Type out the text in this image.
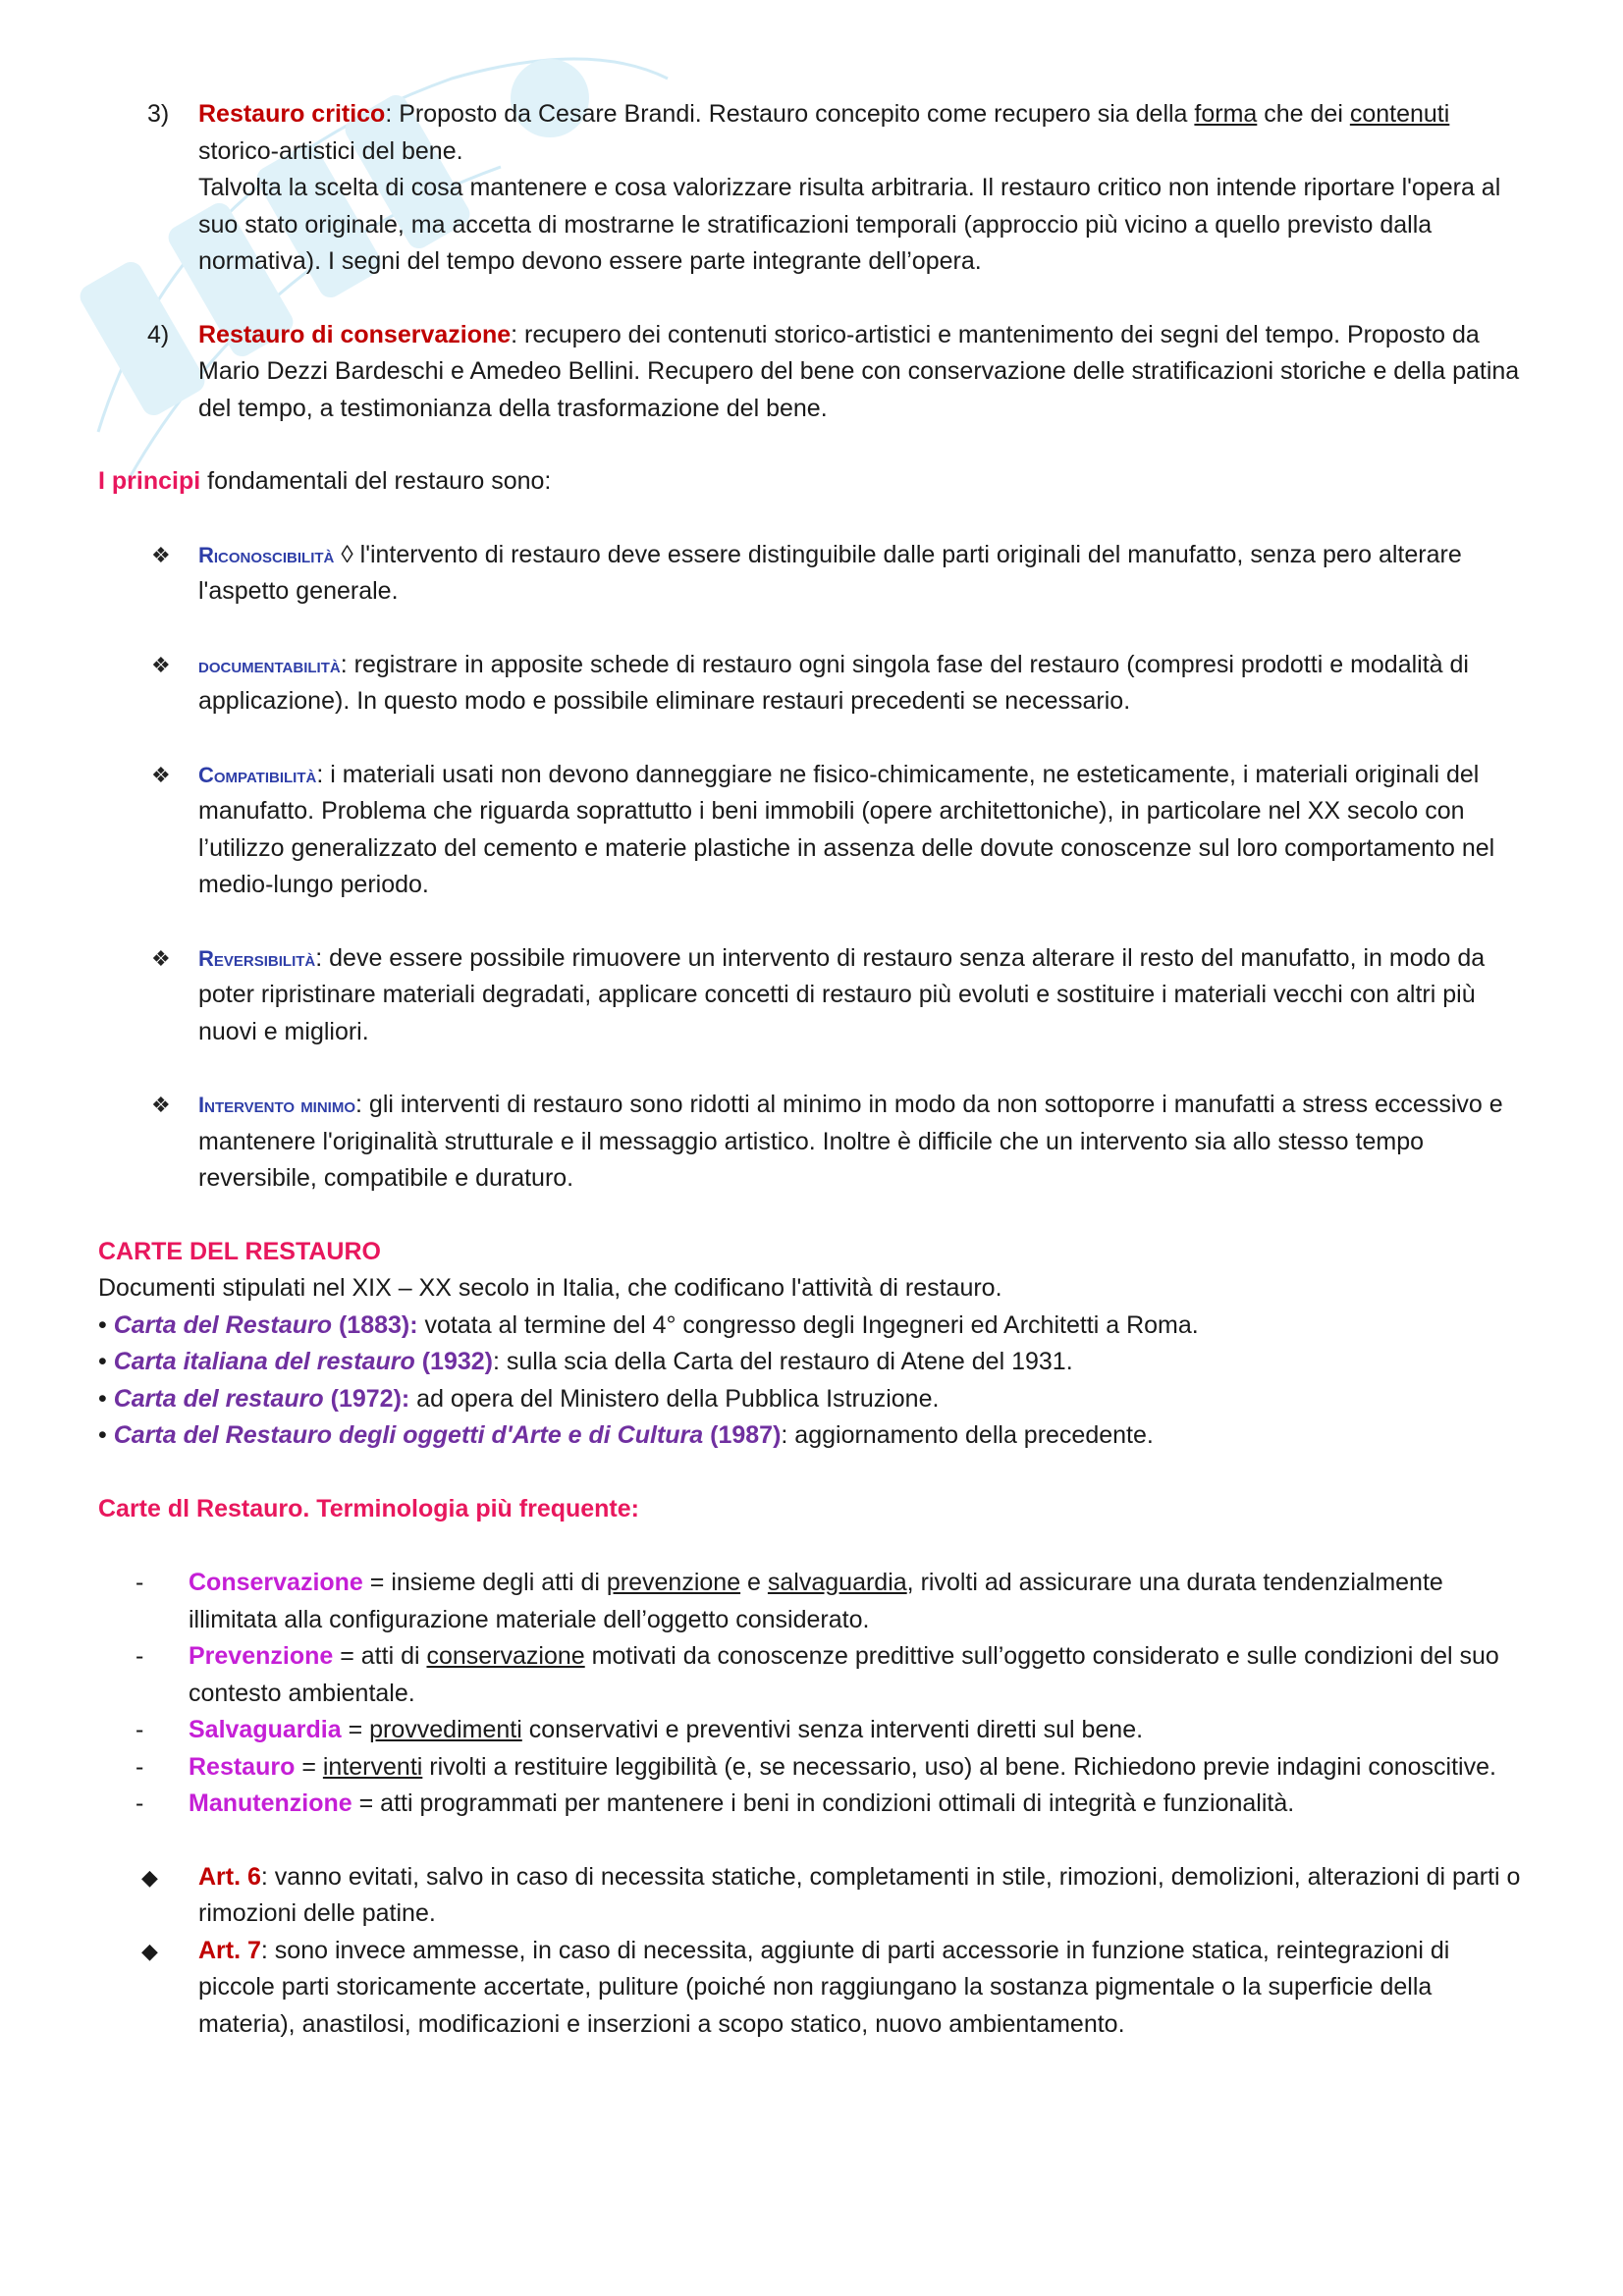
3) Restauro critico: Proposto da Cesare Brandi. Restauro concepito come recupero sia della forma che dei contenuti storico-artistici del bene.
Talvolta la scelta di cosa mantenere e cosa valorizzare risulta arbitraria. Il restauro critico non intende riportare l'opera al suo stato originale, ma accetta di mostrarne le stratificazioni temporali (approccio più vicino a quello previsto dalla normativa). I segni del tempo devono essere parte integrante dell’opera.
4) Restauro di conservazione: recupero dei contenuti storico-artistici e mantenimento dei segni del tempo. Proposto da Mario Dezzi Bardeschi e Amedeo Bellini. Recupero del bene con conservazione delle stratificazioni storiche e della patina del tempo, a testimonianza della trasformazione del bene.
I principi fondamentali del restauro sono:
❖ Riconoscibilità ◊ l'intervento di restauro deve essere distinguibile dalle parti originali del manufatto, senza pero alterare l'aspetto generale.
❖ documentabilità: registrare in apposite schede di restauro ogni singola fase del restauro (compresi prodotti e modalità di applicazione). In questo modo e possibile eliminare restauri precedenti se necessario.
❖ Compatibilità: i materiali usati non devono danneggiare ne fisico-chimicamente, ne esteticamente, i materiali originali del manufatto. Problema che riguarda soprattutto i beni immobili (opere architettoniche), in particolare nel XX secolo con l’utilizzo generalizzato del cemento e materie plastiche in assenza delle dovute conoscenze sul loro comportamento nel medio-lungo periodo.
❖ Reversibilità: deve essere possibile rimuovere un intervento di restauro senza alterare il resto del manufatto, in modo da poter ripristinare materiali degradati, applicare concetti di restauro più evoluti e sostituire i materiali vecchi con altri più nuovi e migliori.
❖ Intervento minimo: gli interventi di restauro sono ridotti al minimo in modo da non sottoporre i manufatti a stress eccessivo e mantenere l'originalità strutturale e il messaggio artistico. Inoltre è difficile che un intervento sia allo stesso tempo reversibile, compatibile e duraturo.
CARTE DEL RESTAURO
Documenti stipulati nel XIX – XX secolo in Italia, che codificano l'attività di restauro.
• Carta del Restauro (1883): votata al termine del 4° congresso degli Ingegneri ed Architetti a Roma.
• Carta italiana del restauro (1932): sulla scia della Carta del restauro di Atene del 1931.
• Carta del restauro (1972): ad opera del Ministero della Pubblica Istruzione.
• Carta del Restauro degli oggetti d'Arte e di Cultura (1987): aggiornamento della precedente.
Carte dl Restauro. Terminologia più frequente:
- Conservazione = insieme degli atti di prevenzione e salvaguardia, rivolti ad assicurare una durata tendenzialmente illimitata alla configurazione materiale dell’oggetto considerato.
- Prevenzione = atti di conservazione motivati da conoscenze predittive sull’oggetto considerato e sulle condizioni del suo contesto ambientale.
- Salvaguardia = provvedimenti conservativi e preventivi senza interventi diretti sul bene.
- Restauro = interventi rivolti a restituire leggibilità (e, se necessario, uso) al bene. Richiedono previe indagini conoscitive.
- Manutenzione = atti programmati per mantenere i beni in condizioni ottimali di integrità e funzionalità.
◆ Art. 6: vanno evitati, salvo in caso di necessita statiche, completamenti in stile, rimozioni, demolizioni, alterazioni di parti o rimozioni delle patine.
◆ Art. 7: sono invece ammesse, in caso di necessita, aggiunte di parti accessorie in funzione statica, reintegrazioni di piccole parti storicamente accertate, puliture (poiché non raggiungano la sostanza pigmentale o la superficie della materia), anastilosi, modificazioni e inserzioni a scopo statico, nuovo ambientamento.
